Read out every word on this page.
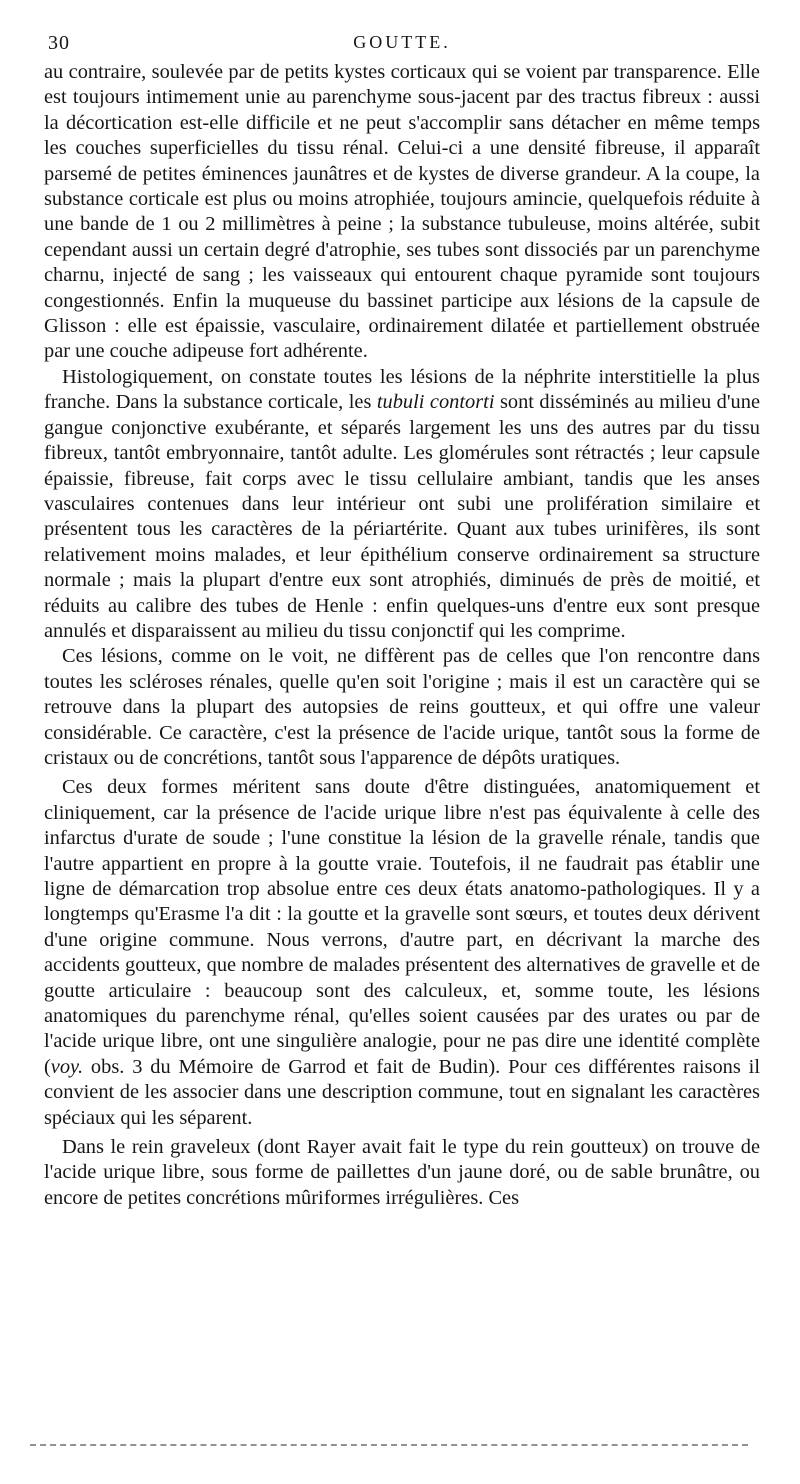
30	GOUTTE.

au contraire, soulevée par de petits kystes corticaux qui se voient par transparence. Elle est toujours intimement unie au parenchyme sous-jacent par des tractus fibreux : aussi la décortication est-elle difficile et ne peut s'accomplir sans détacher en même temps les couches superficielles du tissu rénal. Celui-ci a une densité fibreuse, il apparaît parsemé de petites éminences jaunâtres et de kystes de diverse grandeur. A la coupe, la substance corticale est plus ou moins atrophiée, toujours amincie, quelquefois réduite à une bande de 1 ou 2 millimètres à peine ; la substance tubuleuse, moins altérée, subit cependant aussi un certain degré d'atrophie, ses tubes sont dissociés par un parenchyme charnu, injecté de sang ; les vaisseaux qui entourent chaque pyramide sont toujours congestionnés. Enfin la muqueuse du bassinet participe aux lésions de la capsule de Glisson : elle est épaissie, vasculaire, ordinairement dilatée et partiellement obstruée par une couche adipeuse fort adhérente.

Histologiquement, on constate toutes les lésions de la néphrite interstitielle la plus franche. Dans la substance corticale, les tubuli contorti sont disséminés au milieu d'une gangue conjonctive exubérante, et séparés largement les uns des autres par du tissu fibreux, tantôt embryonnaire, tantôt adulte. Les glomérules sont rétractés ; leur capsule épaissie, fibreuse, fait corps avec le tissu cellulaire ambiant, tandis que les anses vasculaires contenues dans leur intérieur ont subi une prolifération similaire et présentent tous les caractères de la périartérite. Quant aux tubes urinifères, ils sont relativement moins malades, et leur épithélium conserve ordinairement sa structure normale ; mais la plupart d'entre eux sont atrophiés, diminués de près de moitié, et réduits au calibre des tubes de Henle : enfin quelques-uns d'entre eux sont presque annulés et disparaissent au milieu du tissu conjonctif qui les comprime.

Ces lésions, comme on le voit, ne diffèrent pas de celles que l'on rencontre dans toutes les scléroses rénales, quelle qu'en soit l'origine ; mais il est un caractère qui se retrouve dans la plupart des autopsies de reins goutteux, et qui offre une valeur considérable. Ce caractère, c'est la présence de l'acide urique, tantôt sous la forme de cristaux ou de concrétions, tantôt sous l'apparence de dépôts uratiques.

Ces deux formes méritent sans doute d'être distinguées, anatomiquement et cliniquement, car la présence de l'acide urique libre n'est pas équivalente à celle des infarctus d'urate de soude ; l'une constitue la lésion de la gravelle rénale, tandis que l'autre appartient en propre à la goutte vraie. Toutefois, il ne faudrait pas établir une ligne de démarcation trop absolue entre ces deux états anatomo-pathologiques. Il y a longtemps qu'Erasme l'a dit : la goutte et la gravelle sont sœurs, et toutes deux dérivent d'une origine commune. Nous verrons, d'autre part, en décrivant la marche des accidents goutteux, que nombre de malades présentent des alternatives de gravelle et de goutte articulaire : beaucoup sont des calculeux, et, somme toute, les lésions anatomiques du parenchyme rénal, qu'elles soient causées par des urates ou par de l'acide urique libre, ont une singulière analogie, pour ne pas dire une identité complète (voy. obs. 3 du Mémoire de Garrod et fait de Budin). Pour ces différentes raisons il convient de les associer dans une description commune, tout en signalant les caractères spéciaux qui les séparent.

Dans le rein graveleux (dont Rayer avait fait le type du rein goutteux) on trouve de l'acide urique libre, sous forme de paillettes d'un jaune doré, ou de sable brunâtre, ou encore de petites concrétions mûriformes irrégulières. Ces
